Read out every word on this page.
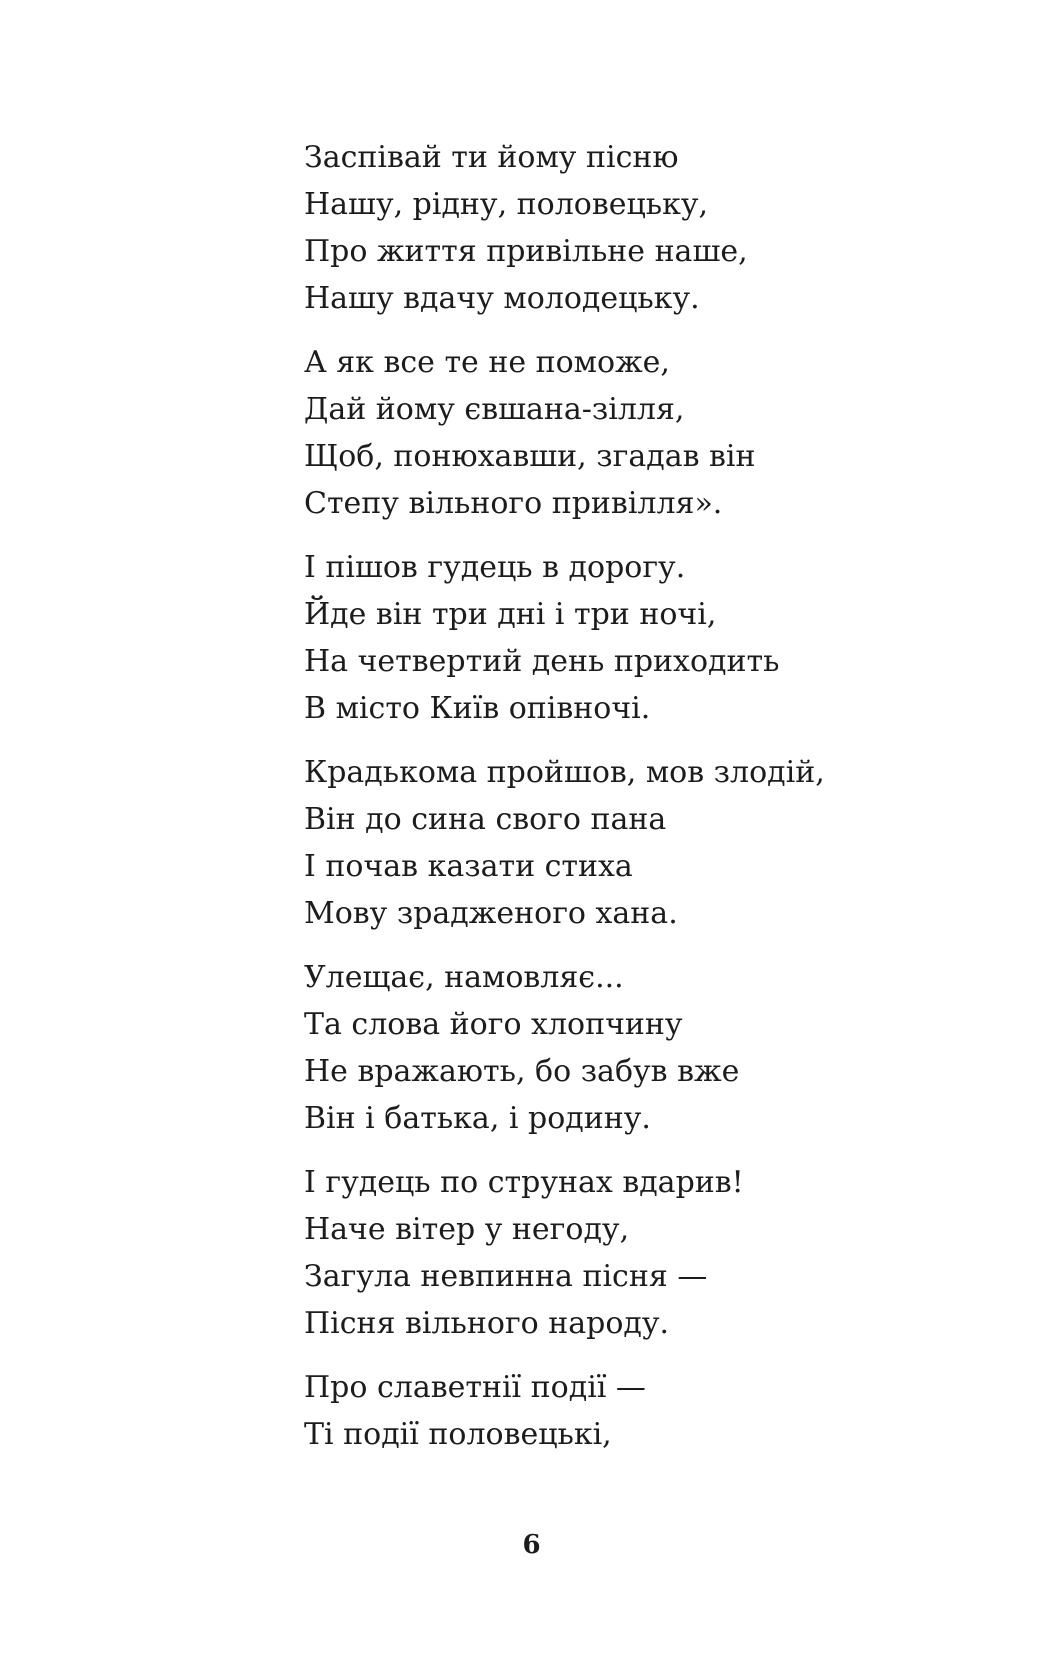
Заспівай ти йому пісню
Нашу, рідну, половецьку,
Про життя привільне наше,
Нашу вдачу молодецьку.
А як все те не поможе,
Дай йому євшана-зілля,
Щоб, понюхавши, згадав він
Степу вільного привілля».
І пішов гудець в дорогу.
Йде він три дні і три ночі,
На четвертий день приходить
В місто Київ опівночі.
Крадькома пройшов, мов злодій,
Він до сина свого пана
І почав казати стиха
Мову зрадженого хана.
Улещає, намовляє...
Та слова його хлопчину
Не вражають, бо забув вже
Він і батька, і родину.
І гудець по струнах вдарив!
Наче вітер у негоду,
Загула невпинна пісня —
Пісня вільного народу.
Про славетнії події —
Ті події половецькі,
6
